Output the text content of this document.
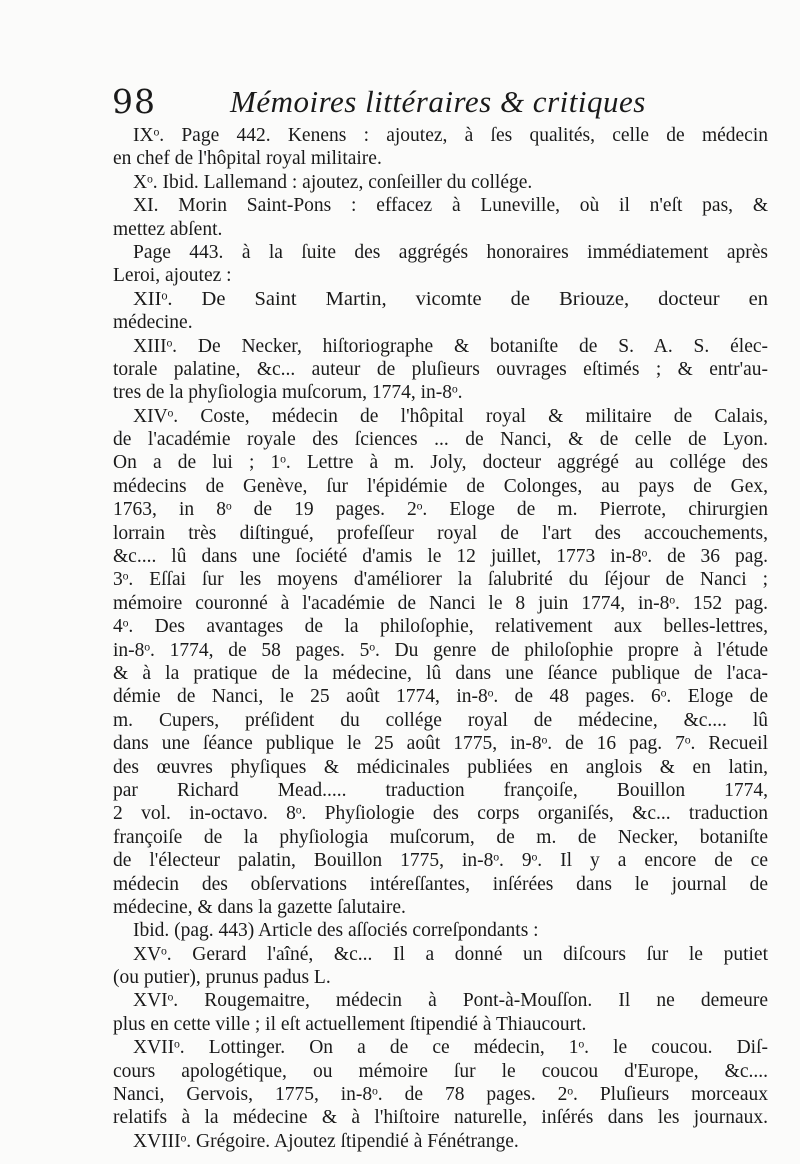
98 Mémoires littéraires & critiques
IXᵒ. Page 442. Kenens : ajoutez, à ſes qualités, celle de médecin
en chef de l'hôpital royal militaire.
Xᵒ. Ibid. Lallemand : ajoutez, conſeiller du collége.
XI. Morin Saint-Pons : effacez à Luneville, où il n'eſt pas, &
mettez abſent.
Page 443. à la ſuite des aggrégés honoraires immédiatement après
Leroi, ajoutez :
XIIᵒ. De Saint Martin, vicomte de Briouze, docteur en
médecine.
XIIIᵒ. De Necker, hiſtoriographe & botaniſte de S. A. S. élec-
torale palatine, &c... auteur de pluſieurs ouvrages eſtimés ; & entr'au-
tres de la phyſiologia muſcorum, 1774, in-8ᵒ.
XIVᵒ. Coste, médecin de l'hôpital royal & militaire de Calais,
de l'académie royale des ſciences ... de Nanci, & de celle de Lyon.
On a de lui ; 1ᵒ. Lettre à m. Joly, docteur aggrégé au collége des
médecins de Genève, ſur l'épidémie de Colonges, au pays de Gex,
1763, in 8ᵒ de 19 pages. 2ᵒ. Eloge de m. Pierrote, chirurgien
lorrain très diſtingué, profeſſeur royal de l'art des accouchements,
&c.... lû dans une ſociété d'amis le 12 juillet, 1773 in-8ᵒ. de 36 pag.
3ᵒ. Eſſai ſur les moyens d'améliorer la ſalubrité du ſéjour de Nanci ;
mémoire couronné à l'académie de Nanci le 8 juin 1774, in-8ᵒ. 152 pag.
4ᵒ. Des avantages de la philoſophie, relativement aux belles-lettres,
in-8ᵒ. 1774, de 58 pages. 5ᵒ. Du genre de philoſophie propre à l'étude
& à la pratique de la médecine, lû dans une ſéance publique de l'aca-
démie de Nanci, le 25 août 1774, in-8ᵒ. de 48 pages. 6ᵒ. Eloge de
m. Cupers, préſident du collége royal de médecine, &c.... lû
dans une ſéance publique le 25 août 1775, in-8ᵒ. de 16 pag. 7ᵒ. Recueil
des œuvres phyſiques & médicinales publiées en anglois & en latin,
par Richard Mead..... traduction françoiſe, Bouillon 1774,
2 vol. in-octavo. 8ᵒ. Phyſiologie des corps organiſés, &c... traduction
françoiſe de la phyſiologia muſcorum, de m. de Necker, botaniſte
de l'électeur palatin, Bouillon 1775, in-8ᵒ. 9ᵒ. Il y a encore de ce
médecin des obſervations intéreſſantes, inſérées dans le journal de
médecine, & dans la gazette ſalutaire.
Ibid. (pag. 443) Article des aſſociés correſpondants :
XVᵒ. Gerard l'aîné, &c... Il a donné un diſcours ſur le putiet
(ou putier), prunus padus L.
XVIᵒ. Rougemaitre, médecin à Pont-à-Mouſſon. Il ne demeure
plus en cette ville ; il eſt actuellement ſtipendié à Thiaucourt.
XVIIᵒ. Lottinger. On a de ce médecin, 1ᵒ. le coucou. Diſ-
cours apologétique, ou mémoire ſur le coucou d'Europe, &c....
Nanci, Gervois, 1775, in-8ᵒ. de 78 pages. 2ᵒ. Pluſieurs morceaux
relatifs à la médecine & à l'hiſtoire naturelle, inſérés dans les journaux.
XVIIIᵒ. Grégoire. Ajoutez ſtipendié à Fénétrange.
